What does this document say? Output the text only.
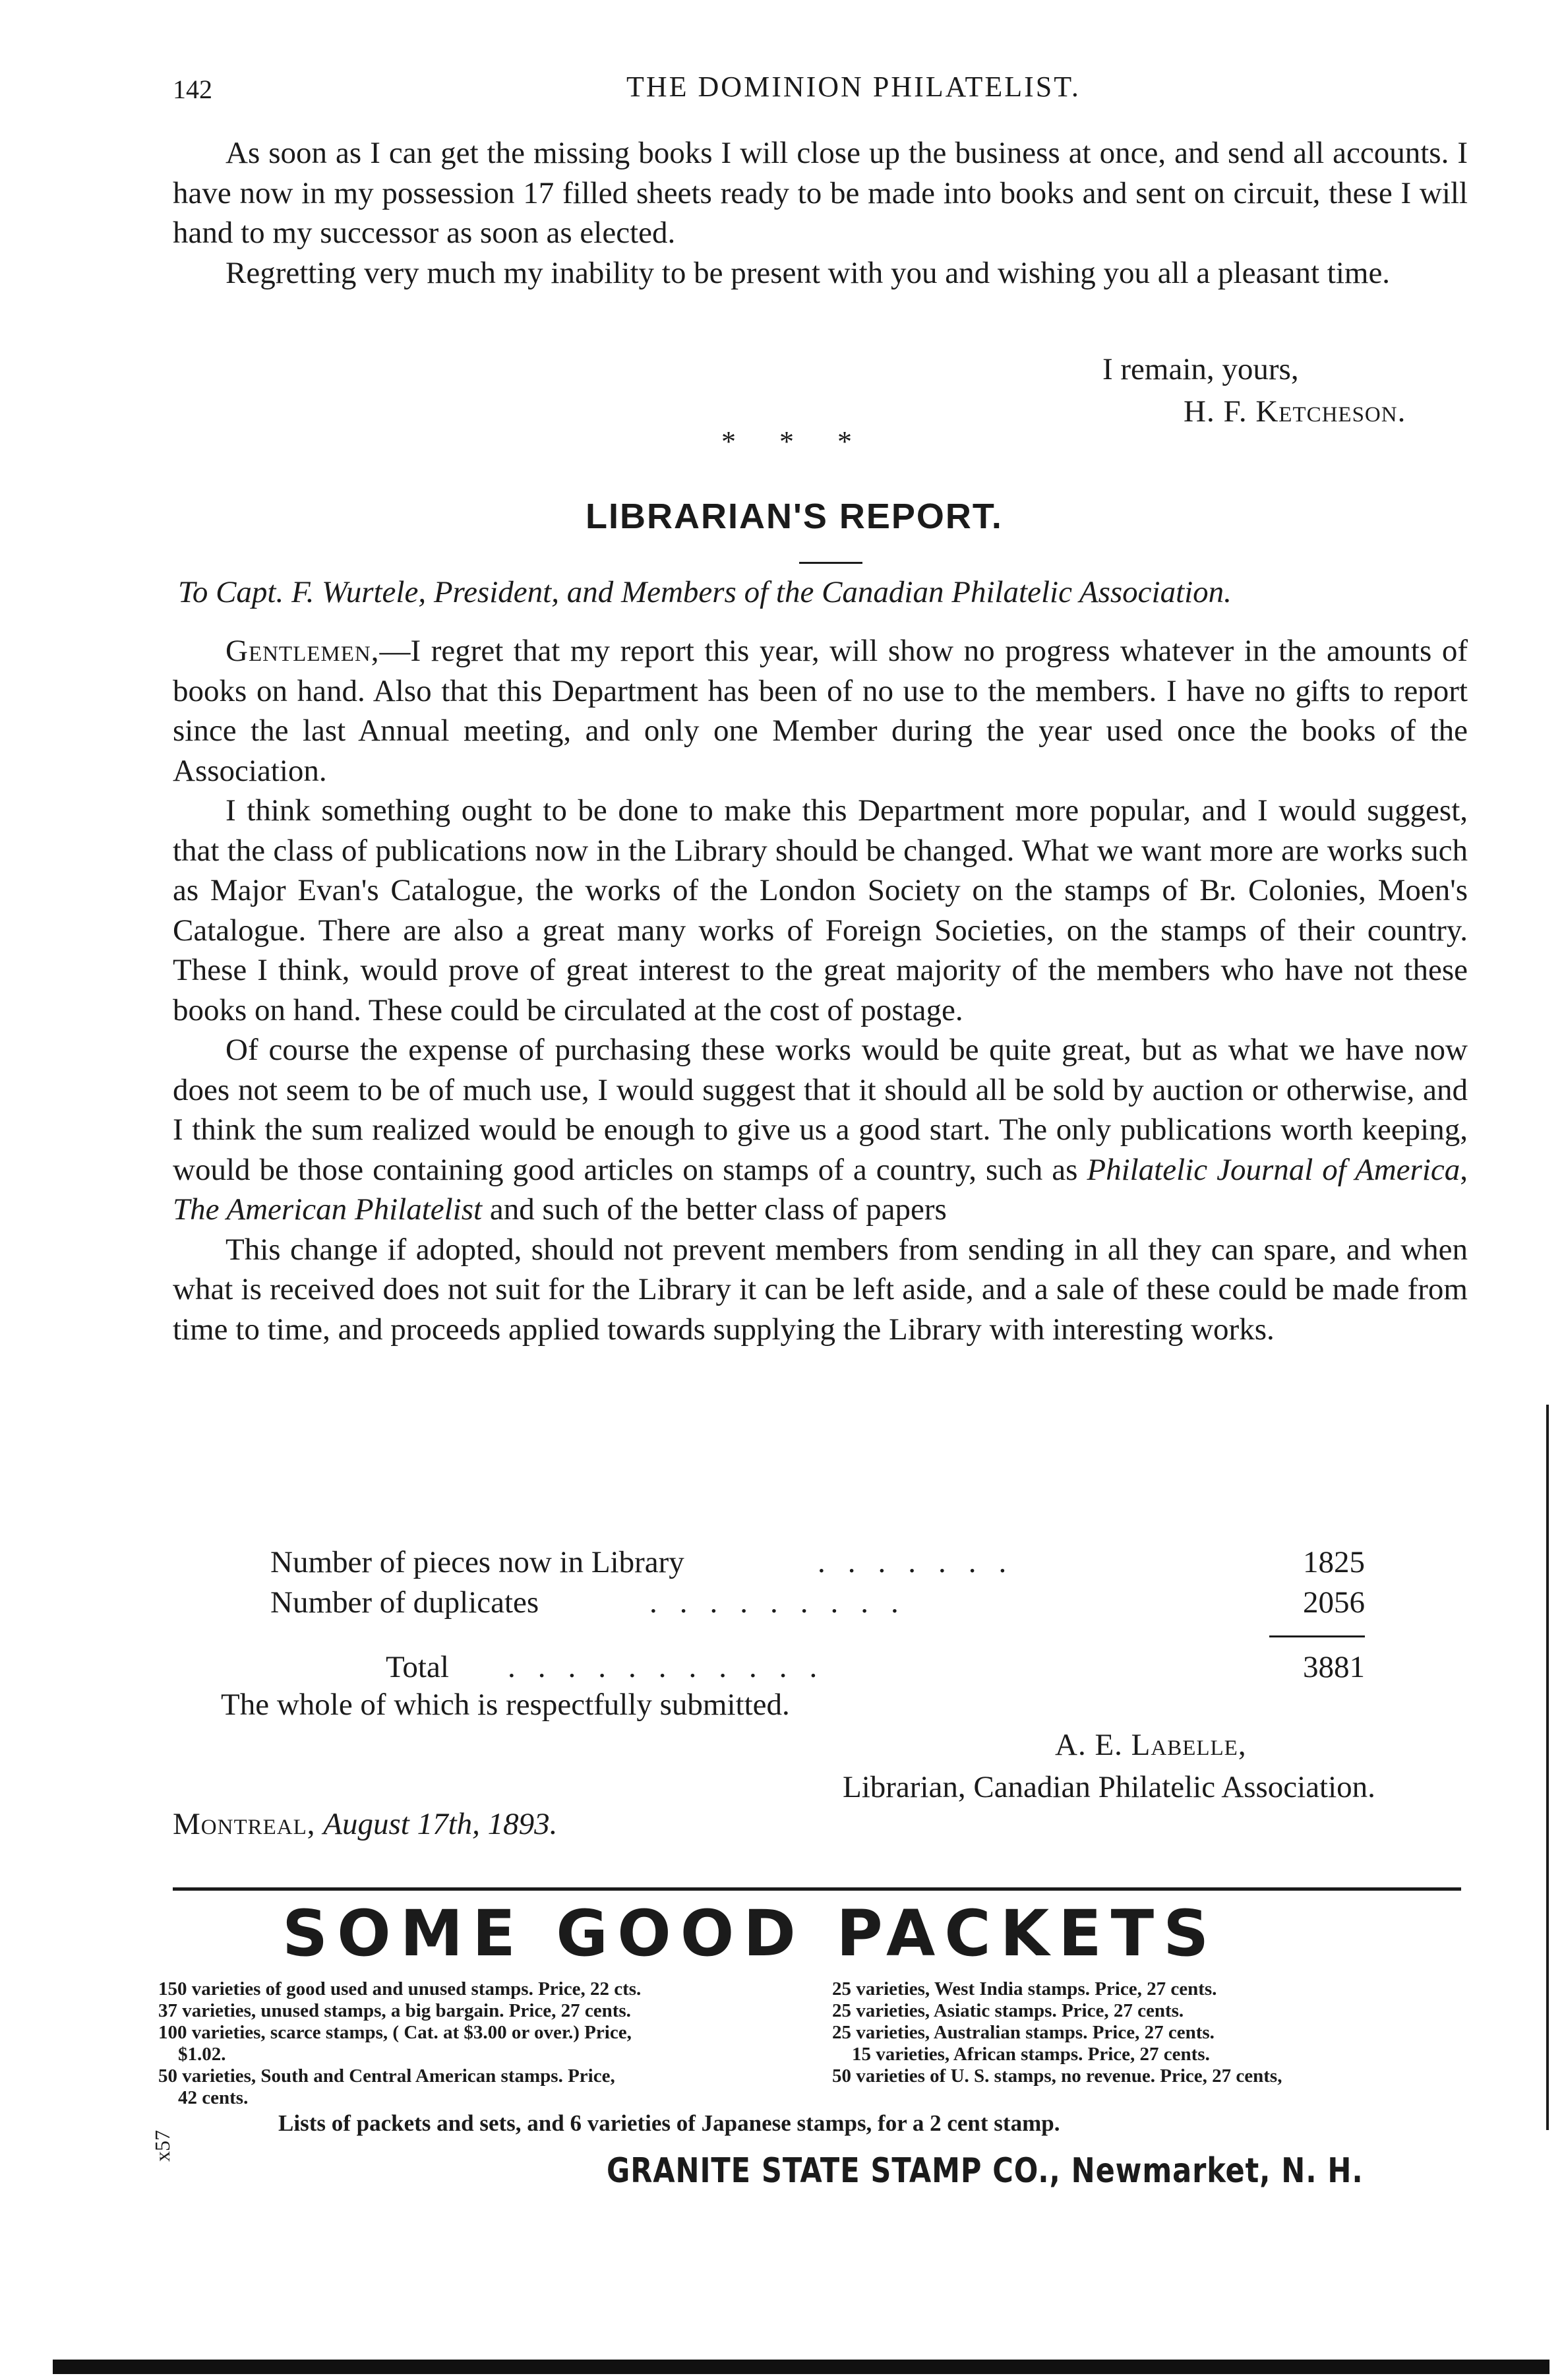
142	THE DOMINION PHILATELIST.

As soon as I can get the missing books I will close up the business at once, and send all accounts. I have now in my possession 17 filled sheets ready to be made into books and sent on circuit, these I will hand to my successor as soon as elected.

Regretting very much my inability to be present with you and wishing you all a pleasant time.

I remain, yours,
H. F. Ketcheson.
*      *      *
LIBRARIAN'S REPORT.
To Capt. F. Wurtele, President, and Members of the Canadian Philatelic Association.

Gentlemen,—I regret that my report this year, will show no progress whatever in the amounts of books on hand. Also that this Department has been of no use to the members. I have no gifts to report since the last Annual meeting, and only one Member during the year used once the books of the Association.

I think something ought to be done to make this Department more popular, and I would suggest, that the class of publications now in the Library should be changed. What we want more are works such as Major Evan's Catalogue, the works of the London Society on the stamps of Br. Colonies, Moen's Catalogue. There are also a great many works of Foreign Societies, on the stamps of their country. These I think, would prove of great interest to the great majority of the members who have not these books on hand. These could be circulated at the cost of postage.

Of course the expense of purchasing these works would be quite great, but as what we have now does not seem to be of much use, I would suggest that it should all be sold by auction or otherwise, and I think the sum realized would be enough to give us a good start. The only publications worth keeping, would be those containing good articles on stamps of a country, such as Philatelic Journal of America, The American Philatelist and such of the better class of papers

This change if adopted, should not prevent members from sending in all they can spare, and when what is received does not suit for the Library it can be left aside, and a sale of these could be made from time to time, and proceeds applied towards supplying the Library with interesting works.

Number of pieces now in Library	.......	1825
Number of duplicates	.........	2056
Total ...........	3881
The whole of which is respectfully submitted.
A. E. Labelle,
Librarian, Canadian Philatelic Association.
Montreal, August 17th, 1893.
SOME GOOD PACKETS

150 varieties of good used and unused stamps. Price, 22 cts.

37 varieties, unused stamps, a big bargain. Price, 27 cents.

100 varieties, scarce stamps, ( Cat. at $3.00 or over.) Price,

$1.02.

50 varieties, South and Central American stamps. Price,

42 cents.

25 varieties, West India stamps. Price, 27 cents.

25 varieties, Asiatic stamps. Price, 27 cents.

25 varieties, Australian stamps. Price, 27 cents.

15 varieties, African stamps. Price, 27 cents.

50 varieties of U. S. stamps, no revenue. Price, 27 cents,

Lists of packets and sets, and 6 varieties of Japanese stamps, for a 2 cent stamp.
x57
GRANITE STATE STAMP CO., Newmarket, N. H.
